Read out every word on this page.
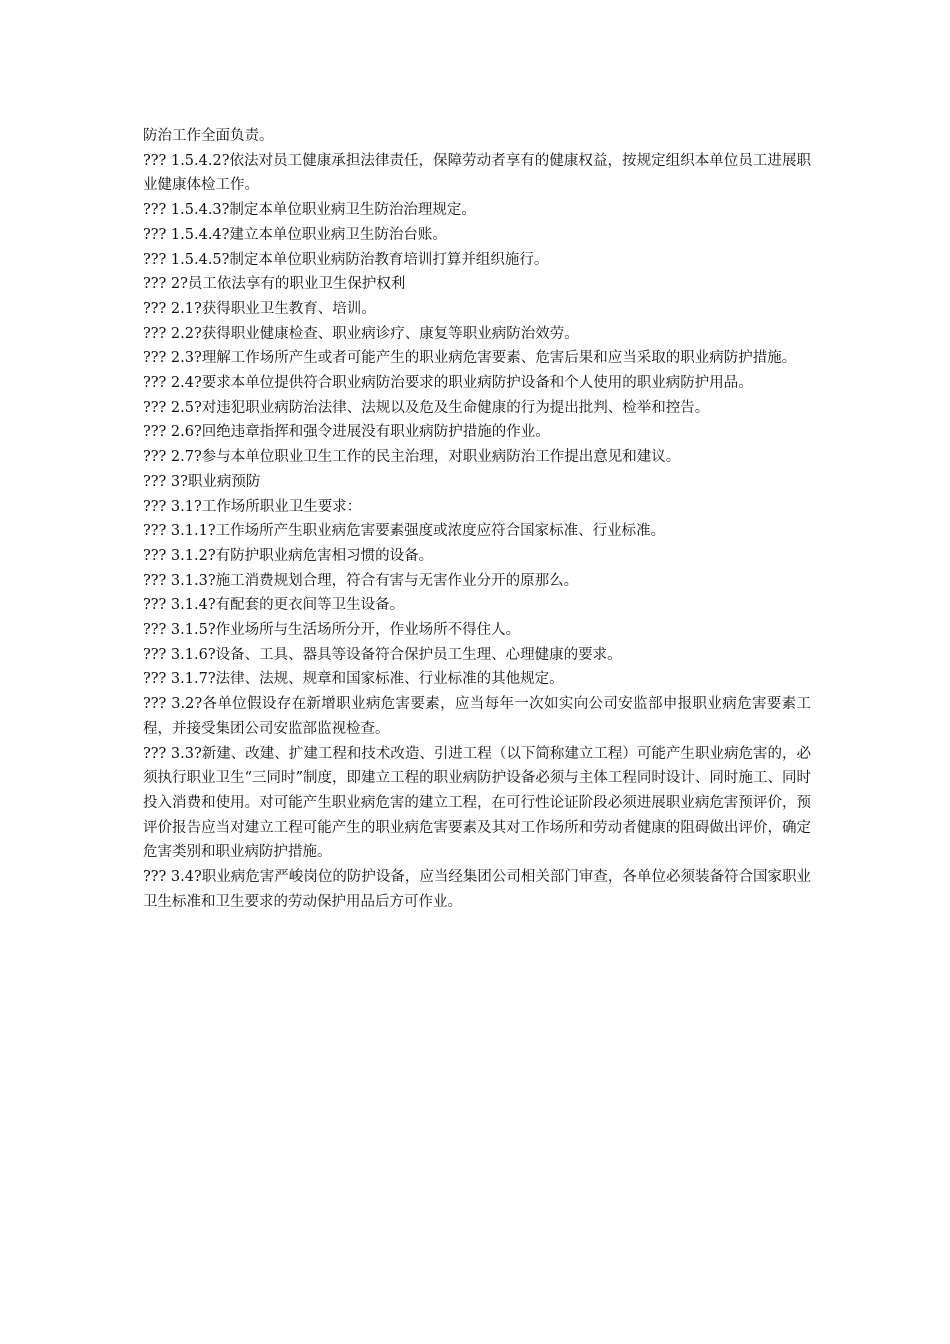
防治工作全面负责。

??? 1.5.4.2?依法对员工健康承担法律责任，保障劳动者享有的健康权益，按规定组织本单位员工进展职业健康体检工作。

??? 1.5.4.3?制定本单位职业病卫生防治治理规定。

??? 1.5.4.4?建立本单位职业病卫生防治台账。

??? 1.5.4.5?制定本单位职业病防治教育培训打算并组织施行。

??? 2?员工依法享有的职业卫生保护权利

??? 2.1?获得职业卫生教育、培训。

??? 2.2?获得职业健康检查、职业病诊疗、康复等职业病防治效劳。

??? 2.3?理解工作场所产生或者可能产生的职业病危害要素、危害后果和应当采取的职业病防护措施。

??? 2.4?要求本单位提供符合职业病防治要求的职业病防护设备和个人使用的职业病防护用品。

??? 2.5?对违犯职业病防治法律、法规以及危及生命健康的行为提出批判、检举和控告。

??? 2.6?回绝违章指挥和强令进展没有职业病防护措施的作业。

??? 2.7?参与本单位职业卫生工作的民主治理，对职业病防治工作提出意见和建议。

??? 3?职业病预防

??? 3.1?工作场所职业卫生要求：

??? 3.1.1?工作场所产生职业病危害要素强度或浓度应符合国家标准、行业标准。

??? 3.1.2?有防护职业病危害相习惯的设备。

??? 3.1.3?施工消费规划合理，符合有害与无害作业分开的原那么。

??? 3.1.4?有配套的更衣间等卫生设备。

??? 3.1.5?作业场所与生活场所分开，作业场所不得住人。

??? 3.1.6?设备、工具、器具等设备符合保护员工生理、心理健康的要求。

??? 3.1.7?法律、法规、规章和国家标准、行业标准的其他规定。

??? 3.2?各单位假设存在新增职业病危害要素，应当每年一次如实向公司安监部申报职业病危害要素工程，并接受集团公司安监部监视检查。

??? 3.3?新建、改建、扩建工程和技术改造、引进工程（以下简称建立工程）可能产生职业病危害的，必须执行职业卫生“三同时”制度，即建立工程的职业病防护设备必须与主体工程同时设计、同时施工、同时投入消费和使用。对可能产生职业病危害的建立工程，在可行性论证阶段必须进展职业病危害预评价，预评价报告应当对建立工程可能产生的职业病危害要素及其对工作场所和劳动者健康的阻碍做出评价，确定危害类别和职业病防护措施。

??? 3.4?职业病危害严峻岗位的防护设备，应当经集团公司相关部门审查，各单位必须装备符合国家职业卫生标准和卫生要求的劳动保护用品后方可作业。
